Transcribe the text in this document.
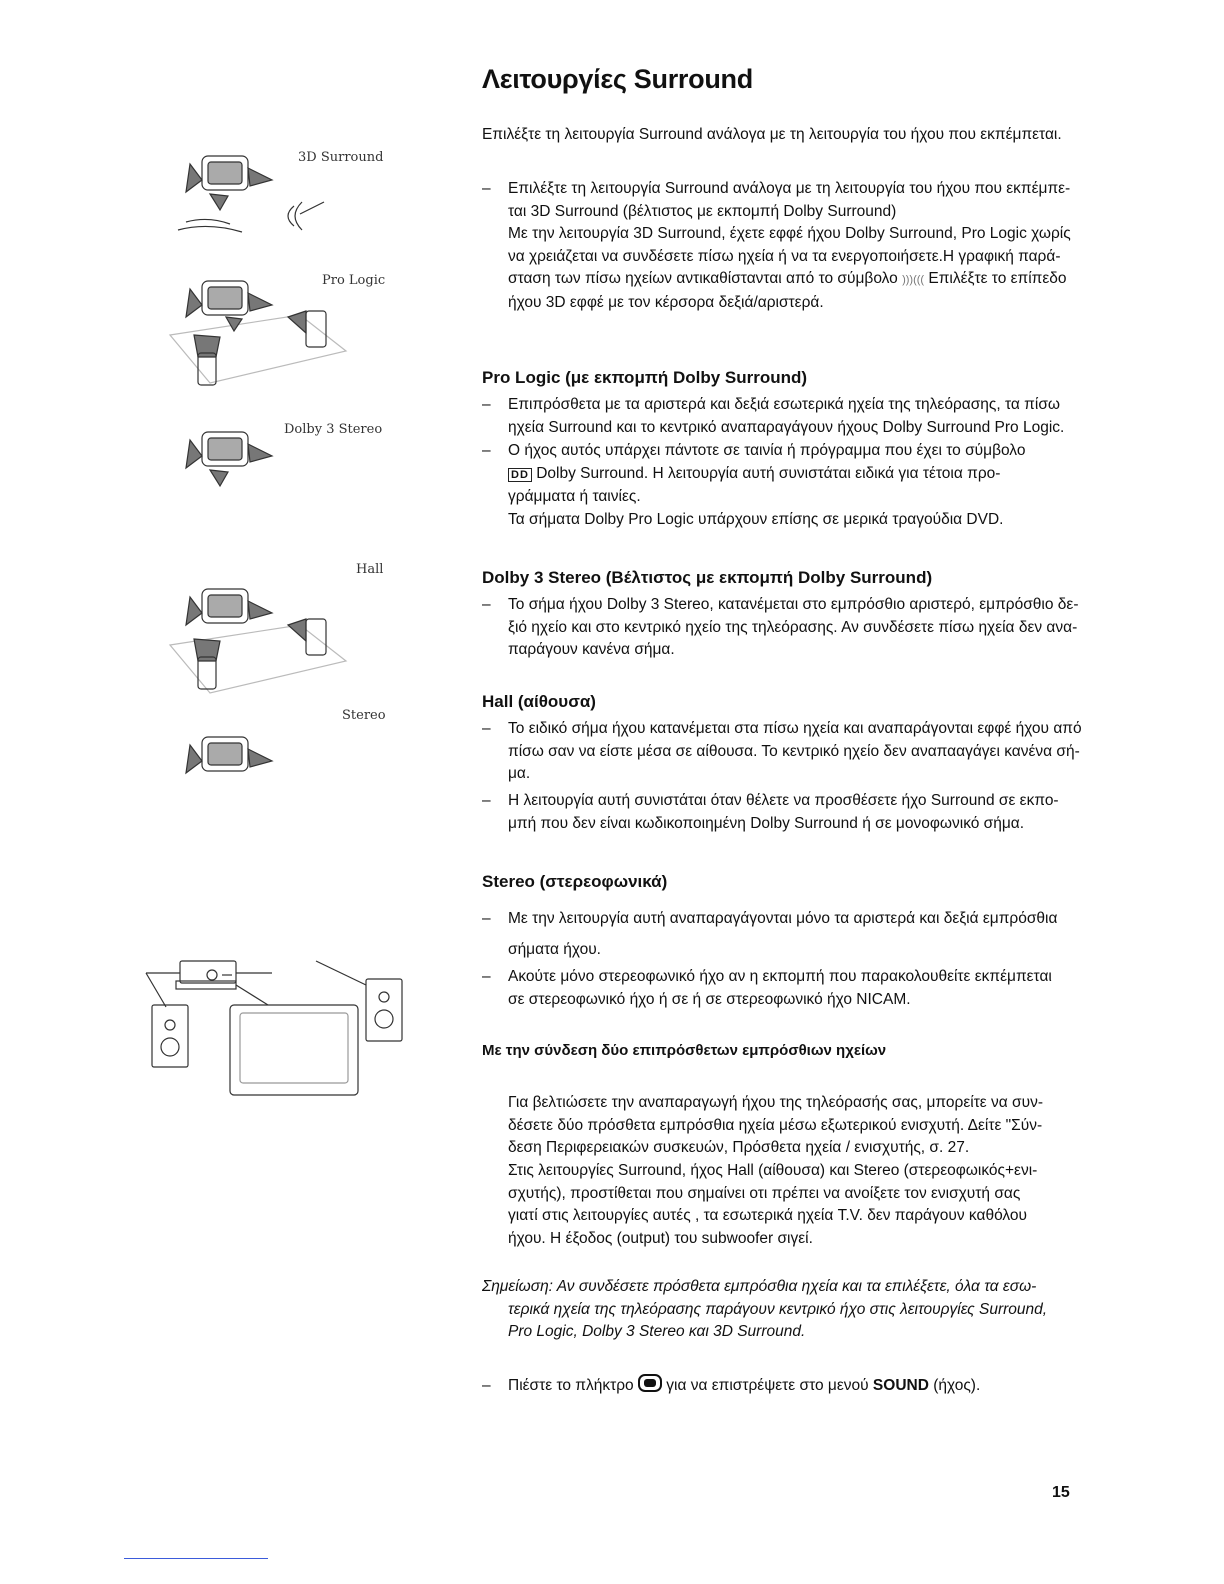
Λειτουργίες Surround
Επιλέξτε τη λειτουργία Surround ανάλογα με τη λειτουργία του ήχου που εκπέμπεται.
– Επιλέξτε τη λειτουργία Surround ανάλογα με τη λειτουργία του ήχου που εκπέμπε-
ται 3D Surround (βέλτιστος με εκπομπή Dolby Surround)
Με την λειτουργία 3D Surround, έχετε εφφέ ήχου Dolby Surround, Pro Logic χωρίς
να χρειάζεται να συνδέσετε πίσω ηχεία ή να τα ενεργοποιήσετε.Η γραφική παρά-
σταση των πίσω ηχείων αντικαθίστανται από το σύμβολο )))((( Επιλέξτε το επίπεδο
ήχου 3D εφφέ με τον κέρσορα δεξιά/αριστερά.
Pro Logic (με εκπομπή Dolby Surround)
– Επιπρόσθετα με τα αριστερά και δεξιά εσωτερικά ηχεία της τηλεόρασης, τα πίσω
ηχεία Surround και το κεντρικό αναπαραγάγουν ήχους Dolby Surround Pro Logic.
– Ο ήχος αυτός υπάρχει πάντοτε σε ταινία ή πρόγραμμα που έχει το σύμβολο
DD Dolby Surround. Η λειτουργία αυτή συνιστάται ειδικά για τέτοια προ-
γράμματα ή ταινίες.
Τα σήματα Dolby Pro Logic υπάρχουν επίσης σε μερικά τραγούδια DVD.
Dolby 3 Stereo (Βέλτιστος με εκπομπή Dolby Surround)
– Το σήμα ήχου Dolby 3 Stereo, κατανέμεται στο εμπρόσθιο αριστερό, εμπρόσθιο δε-
ξιό ηχείο και στο κεντρικό ηχείο της τηλεόρασης. Αν συνδέσετε πίσω ηχεία δεν ανα-
παράγουν κανένα σήμα.
Hall (αίθουσα)
– Το ειδικό σήμα ήχου κατανέμεται στα πίσω ηχεία και αναπαράγονται εφφέ ήχου από
πίσω σαν να είστε μέσα σε αίθουσα. Το κεντρικό ηχείο δεν αναπααγάγει κανένα σή-
μα.
– Η λειτουργία αυτή συνιστάται όταν θέλετε να προσθέσετε ήχο Surround σε εκπο-
μπή που δεν είναι κωδικοποιημένη Dolby Surround ή σε μονοφωνικό σήμα.
Stereo (στερεοφωνικά)
– Με την λειτουργία αυτή αναπαραγάγονται μόνο τα αριστερά και δεξιά εμπρόσθια
σήματα ήχου.
– Ακούτε μόνο στερεοφωνικό ήχο αν η εκπομπή που παρακολουθείτε εκπέμπεται
σε στερεοφωνικό ήχο ή σε ή σε στερεοφωνικό ήχο NICAM.
Με την σύνδεση δύο επιπρόσθετων εμπρόσθιων ηχείων
Για βελτιώσετε την αναπαραγωγή ήχου της τηλεόρασής σας, μπορείτε να συν-
δέσετε δύο πρόσθετα εμπρόσθια ηχεία μέσω εξωτερικού ενισχυτή. Δείτε "Σύν-
δεση Περιφερειακών συσκευών, Πρόσθετα ηχεία / ενισχυτής, σ. 27.
Στις λειτουργίες Surround, ήχος Hall (αίθουσα) και Stereo (στερεοφωικός+ενι-
σχυτής), προστίθεται που σημαίνει οτι πρέπει να ανοίξετε τον ενισχυτή σας
γιατί στις λειτουργίες αυτές , τα εσωτερικά ηχεία T.V. δεν παράγουν καθόλου
ήχου. Η έξοδος (output) του subwoofer σιγεί.
Σημείωση: Αν συνδέσετε πρόσθετα εμπρόσθια ηχεία και τα επιλέξετε, όλα τα εσω-
τερικά ηχεία της τηλεόρασης παράγουν κεντρικό ήχο στις λειτουργίες Surround,
Pro Logic, Dolby 3 Stereo και 3D Surround.
– Πιέστε το πλήκτρο
για να επιστρέψετε στο μενού SOUND (ήχος).
15
3D Surround
Pro Logic
Dolby 3 Stereo
Hall
Stereo
